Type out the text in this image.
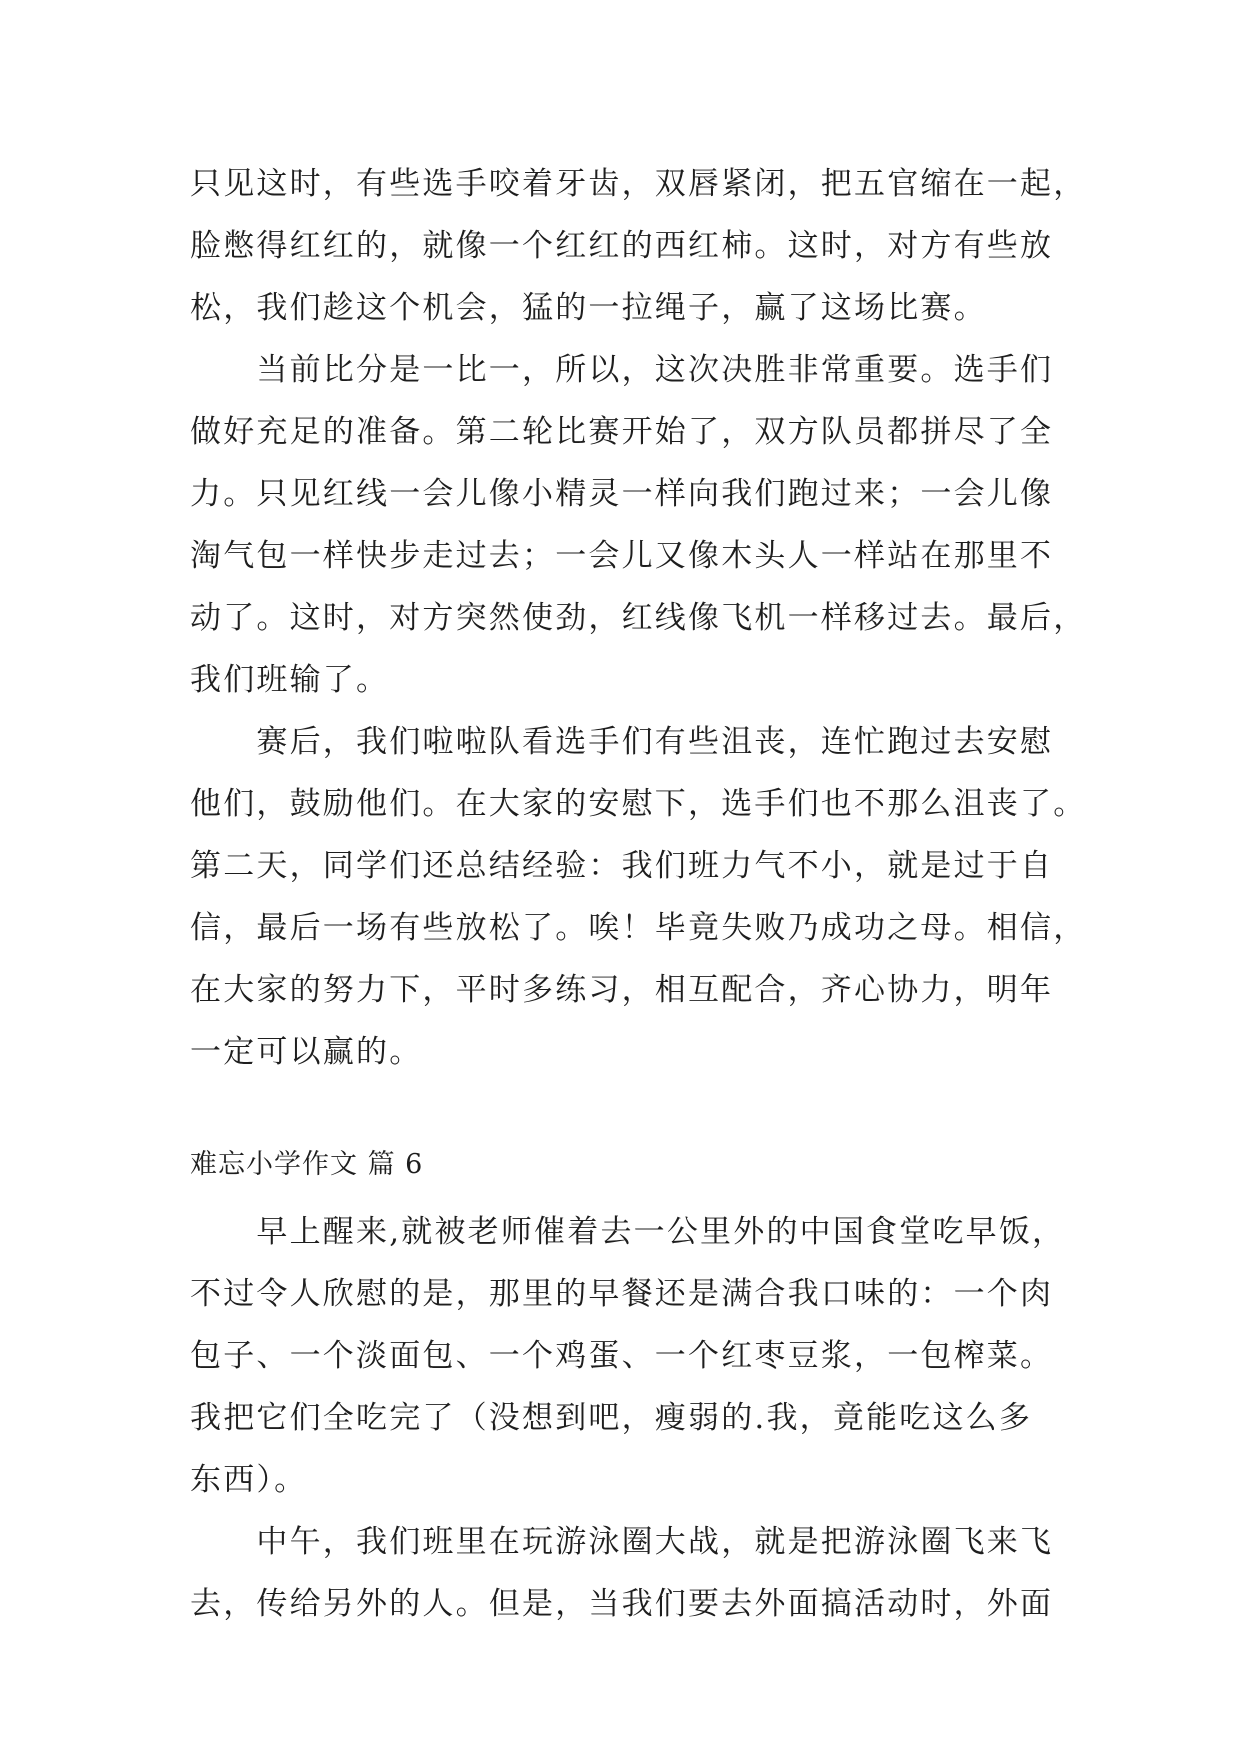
只见这时，有些选手咬着牙齿，双唇紧闭，把五官缩在一起，
脸憋得红红的，就像一个红红的西红柿。这时，对方有些放
松，我们趁这个机会，猛的一拉绳子，赢了这场比赛。
　　当前比分是一比一，所以，这次决胜非常重要。选手们
做好充足的准备。第二轮比赛开始了，双方队员都拼尽了全
力。只见红线一会儿像小精灵一样向我们跑过来；一会儿像
淘气包一样快步走过去；一会儿又像木头人一样站在那里不
动了。这时，对方突然使劲，红线像飞机一样移过去。最后，
我们班输了。
　　赛后，我们啦啦队看选手们有些沮丧，连忙跑过去安慰
他们，鼓励他们。在大家的安慰下，选手们也不那么沮丧了。
第二天，同学们还总结经验：我们班力气不小，就是过于自
信，最后一场有些放松了。唉！毕竟失败乃成功之母。相信，
在大家的努力下，平时多练习，相互配合，齐心协力，明年
一定可以赢的。
难忘小学作文 篇 6
　　早上醒来,就被老师催着去一公里外的中国食堂吃早饭，
不过令人欣慰的是，那里的早餐还是满合我口味的：一个肉
包子、一个淡面包、一个鸡蛋、一个红枣豆浆，一包榨菜。
我把它们全吃完了（没想到吧，瘦弱的.我，竟能吃这么多
东西）。
　　中午，我们班里在玩游泳圈大战，就是把游泳圈飞来飞
去，传给另外的人。但是，当我们要去外面搞活动时，外面
